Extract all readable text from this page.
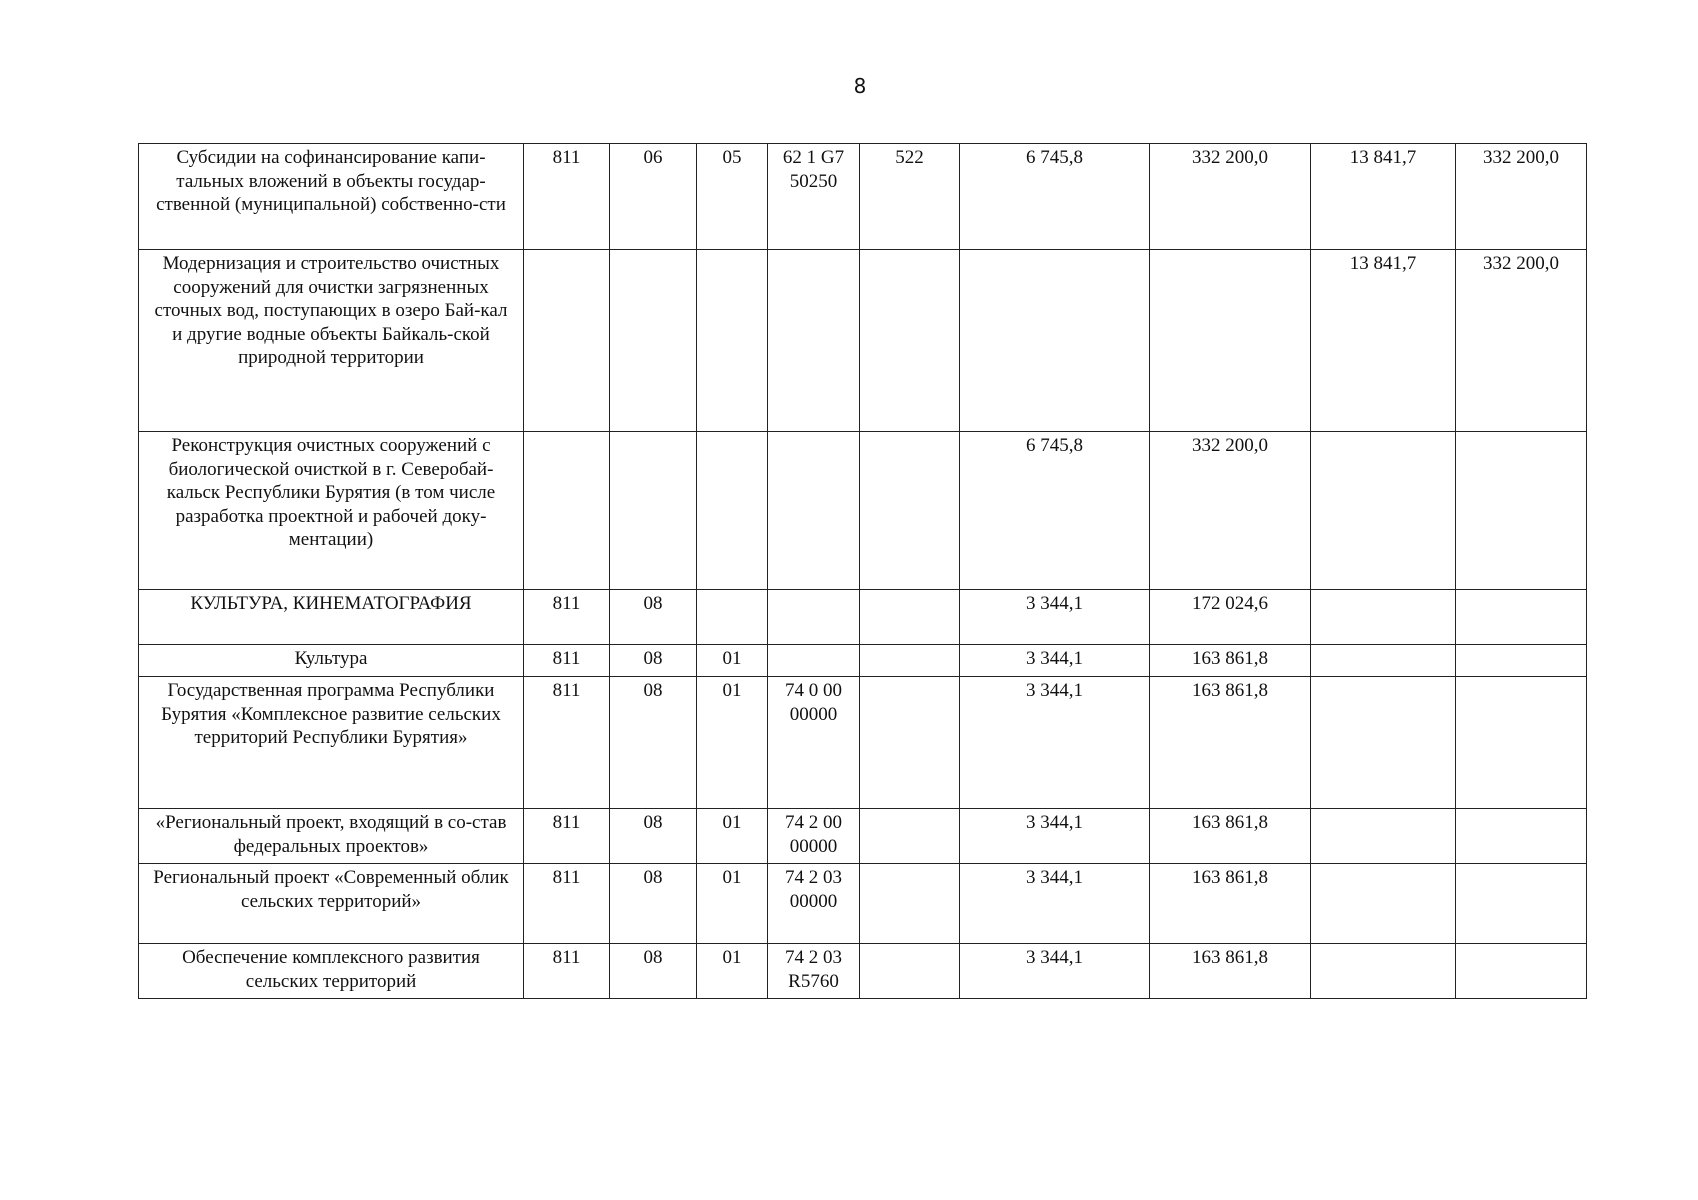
8
Субсидии на софинансирование капи-тальных вложений в объекты государ-ственной (муниципальной) собственно-сти	811	06	05	62 1 G7 50250	522	6 745,8	332 200,0	13 841,7	332 200,0
Модернизация и строительство очистных сооружений для очистки загрязненных сточных вод, поступающих в озеро Бай-кал и другие водные объекты Байкаль-ской природной территории								13 841,7	332 200,0
Реконструкция очистных сооружений с биологической очисткой в г. Северобай-кальск Республики Бурятия (в том числе разработка проектной и рабочей доку-ментации)						6 745,8	332 200,0		
КУЛЬТУРА, КИНЕМАТОГРАФИЯ	811	08				3 344,1	172 024,6		
Культура	811	08	01			3 344,1	163 861,8		
Государственная программа Республики Бурятия «Комплексное развитие сельских территорий Республики Бурятия»	811	08	01	74 0 00 00000		3 344,1	163 861,8		
«Региональный проект, входящий в со-став федеральных проектов»	811	08	01	74 2 00 00000		3 344,1	163 861,8		
Региональный проект «Современный облик сельских территорий»	811	08	01	74 2 03 00000		3 344,1	163 861,8		
Обеспечение комплексного развития сельских территорий	811	08	01	74 2 03 R5760		3 344,1	163 861,8		
